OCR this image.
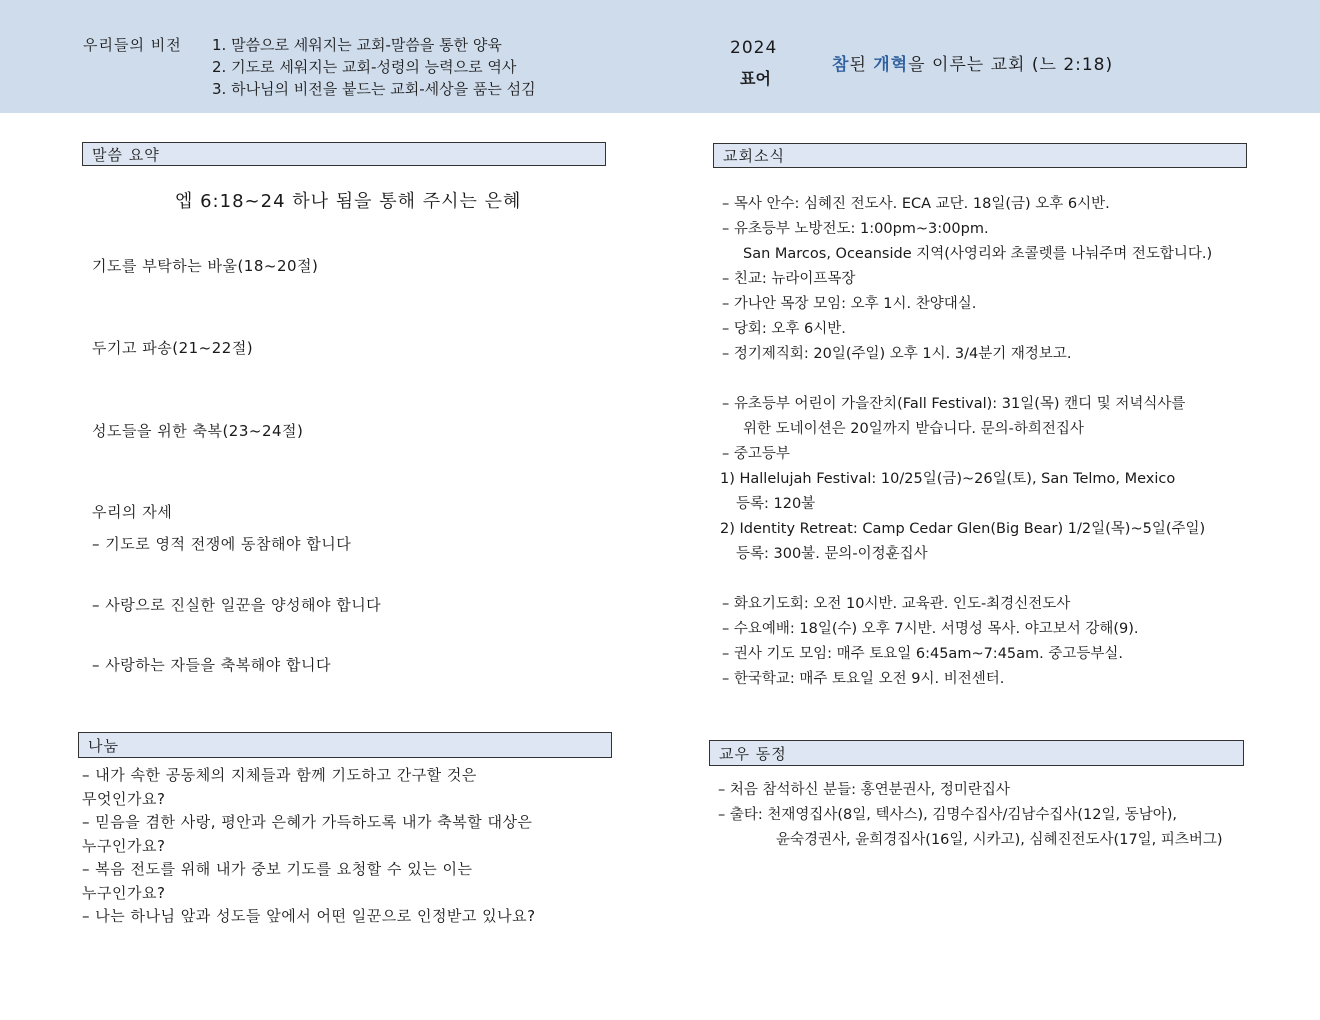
우리들의 비전 1. 말씀으로 세워지는 교회-말씀을 통한 양육
2. 기도로 세워지는 교회-성령의 능력으로 역사
3. 하나님의 비전을 붙드는 교회-세상을 품는 섬김
2024
표어
참된 개혁을 이루는 교회 (느 2:18)
말씀 요약
엡 6:18~24 하나 됨을 통해 주시는 은혜
기도를 부탁하는 바울(18~20절)
두기고 파송(21~22절)
성도들을 위한 축복(23~24절)
우리의 자세
– 기도로 영적 전쟁에 동참해야 합니다
– 사랑으로 진실한 일꾼을 양성해야 합니다
– 사랑하는 자들을 축복해야 합니다
나눔
– 내가 속한 공동체의 지체들과 함께 기도하고 간구할 것은
무엇인가요?
– 믿음을 겸한 사랑, 평안과 은혜가 가득하도록 내가 축복할 대상은
누구인가요?
– 복음 전도를 위해 내가 중보 기도를 요청할 수 있는 이는
누구인가요?
– 나는 하나님 앞과 성도들 앞에서 어떤 일꾼으로 인정받고 있나요?
교회소식
– 목사 안수: 심혜진 전도사. ECA 교단. 18일(금) 오후 6시반.
– 유초등부 노방전도: 1:00pm~3:00pm.
San Marcos, Oceanside 지역(사영리와 초콜렛를 나눠주며 전도합니다.)
– 친교: 뉴라이프목장
– 가나안 목장 모임: 오후 1시. 찬양대실.
– 당회: 오후 6시반.
– 정기제직회: 20일(주일) 오후 1시. 3/4분기 재정보고.
– 유초등부 어린이 가을잔치(Fall Festival): 31일(목) 캔디 및 저녁식사를
위한 도네이션은 20일까지 받습니다. 문의-하희전집사
– 중고등부
1) Hallelujah Festival: 10/25일(금)~26일(토), San Telmo, Mexico
등록: 120불
2) Identity Retreat: Camp Cedar Glen(Big Bear) 1/2일(목)~5일(주일)
등록: 300불. 문의-이정훈집사
– 화요기도회: 오전 10시반. 교육관. 인도-최경신전도사
– 수요예배: 18일(수) 오후 7시반. 서명성 목사. 야고보서 강해(9).
– 권사 기도 모임: 매주 토요일 6:45am~7:45am. 중고등부실.
– 한국학교: 매주 토요일 오전 9시. 비전센터.
교우 동정
– 처음 참석하신 분들: 홍연분권사, 정미란집사
– 출타: 천재영집사(8일, 텍사스), 김명수집사/김남수집사(12일, 동남아),
윤숙경권사, 윤희경집사(16일, 시카고), 심혜진전도사(17일, 피츠버그)
